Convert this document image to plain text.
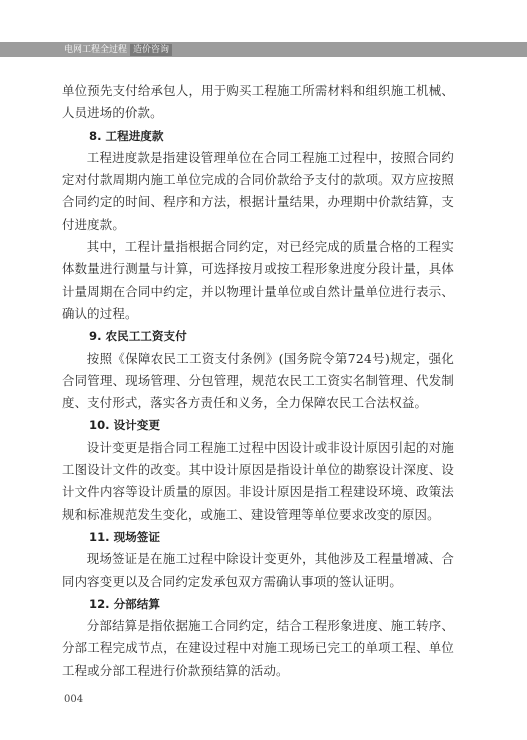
电网工程全过程 造价咨询

单位预先支付给承包人，用于购买工程施工所需材料和组织施工机械、人员进场的价款。

8. 工程进度款

工程进度款是指建设管理单位在合同工程施工过程中，按照合同约定对付款周期内施工单位完成的合同价款给予支付的款项。双方应按照合同约定的时间、程序和方法，根据计量结果，办理期中价款结算，支付进度款。

其中，工程计量指根据合同约定，对已经完成的质量合格的工程实体数量进行测量与计算，可选择按月或按工程形象进度分段计量，具体计量周期在合同中约定，并以物理计量单位或自然计量单位进行表示、确认的过程。

9. 农民工工资支付

按照《保障农民工工资支付条例》(国务院令第724号)规定，强化合同管理、现场管理、分包管理，规范农民工工资实名制管理、代发制度、支付形式，落实各方责任和义务，全力保障农民工合法权益。

10. 设计变更

设计变更是指合同工程施工过程中因设计或非设计原因引起的对施工图设计文件的改变。其中设计原因是指设计单位的勘察设计深度、设计文件内容等设计质量的原因。非设计原因是指工程建设环境、政策法规和标准规范发生变化，或施工、建设管理等单位要求改变的原因。

11. 现场签证

现场签证是在施工过程中除设计变更外，其他涉及工程量增减、合同内容变更以及合同约定发承包双方需确认事项的签认证明。

12. 分部结算

分部结算是指依据施工合同约定，结合工程形象进度、施工转序、分部工程完成节点，在建设过程中对施工现场已完工的单项工程、单位工程或分部工程进行价款预结算的活动。

004
